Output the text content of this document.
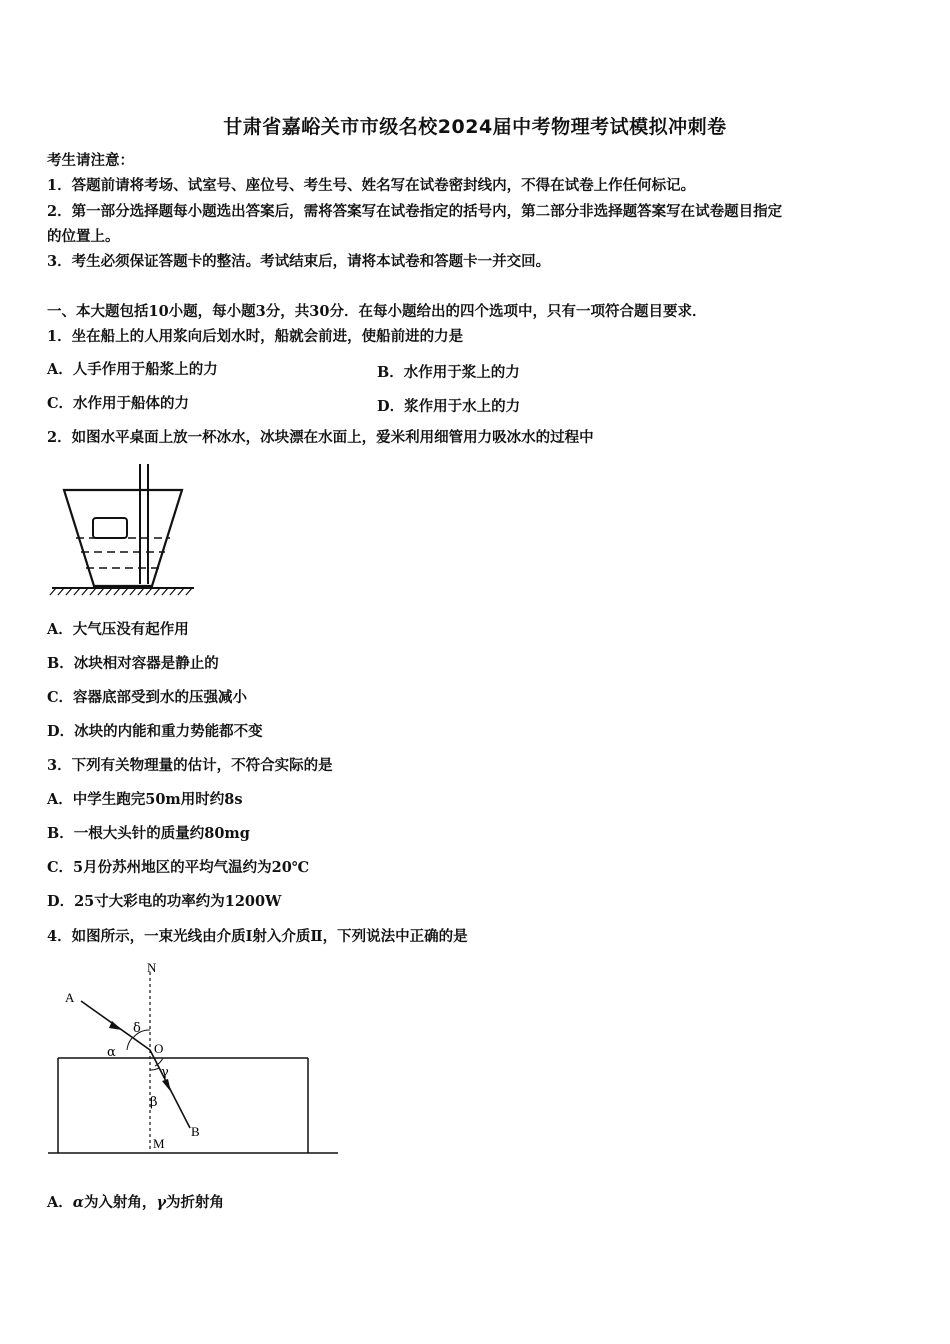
甘肃省嘉峪关市市级名校2024届中考物理考试模拟冲刺卷
考生请注意：
1．答题前请将考场、试室号、座位号、考生号、姓名写在试卷密封线内，不得在试卷上作任何标记。
2．第一部分选择题每小题选出答案后，需将答案写在试卷指定的括号内，第二部分非选择题答案写在试卷题目指定
的位置上。
3．考生必须保证答题卡的整洁。考试结束后，请将本试卷和答题卡一并交回。
一、本大题包括10小题，每小题3分，共30分．在每小题给出的四个选项中，只有一项符合题目要求．
1．坐在船上的人用浆向后划水时，船就会前进，使船前进的力是
A．人手作用于船浆上的力	B．水作用于浆上的力
C．水作用于船体的力	D．浆作用于水上的力
2．如图水平桌面上放一杯冰水，冰块漂在水面上，爱米利用细管用力吸冰水的过程中
A．大气压没有起作用
B．冰块相对容器是静止的
C．容器底部受到水的压强减小
D．冰块的内能和重力势能都不变
3．下列有关物理量的估计，不符合实际的是
A．中学生跑完50m用时约8s
B．一根大头针的质量约80mg
C．5月份苏州地区的平均气温约为20℃
D．25寸大彩电的功率约为1200W
4．如图所示，一束光线由介质Ⅰ射入介质Ⅱ，下列说法中正确的是
N
A
δ
α	O
γ
β
B
M
A．α为入射角，γ为折射角
